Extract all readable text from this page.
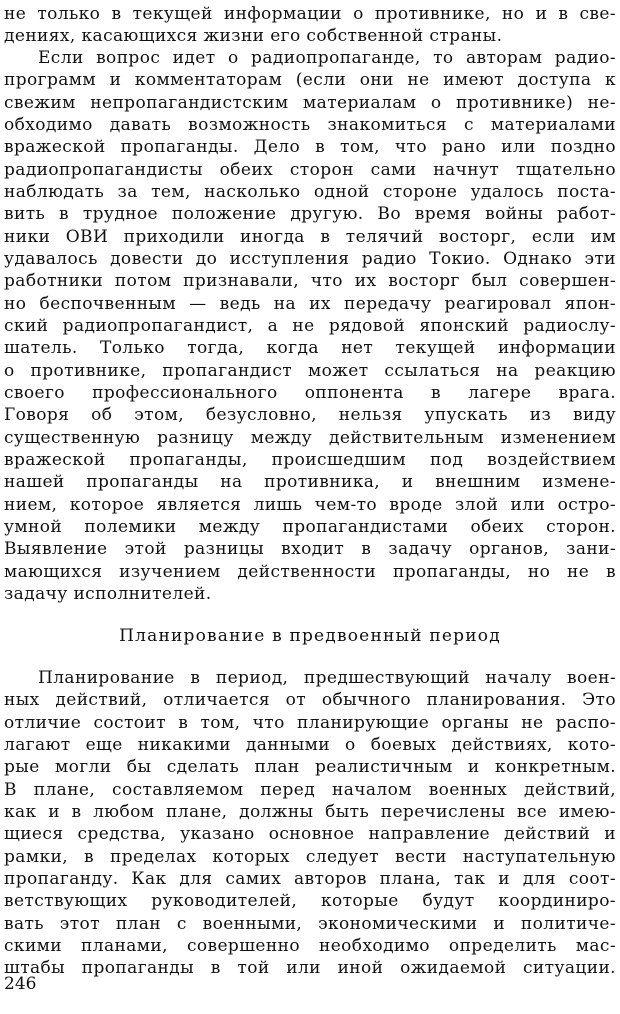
не только в текущей информации о противнике, но и в све-
дениях, касающихся жизни его собственной страны.
Если вопрос идет о радиопропаганде, то авторам радио-
программ и комментаторам (если они не имеют доступа к
свежим непропагандистским материалам о противнике) не-
обходимо давать возможность знакомиться с материалами
вражеской пропаганды. Дело в том, что рано или поздно
радиопропагандисты обеих сторон сами начнут тщательно
наблюдать за тем, насколько одной стороне удалось поста-
вить в трудное положение другую. Во время войны работ-
ники ОВИ приходили иногда в телячий восторг, если им
удавалось довести до исступления радио Токио. Однако эти
работники потом признавали, что их восторг был совершен-
но беспочвенным — ведь на их передачу реагировал япон-
ский радиопропагандист, а не рядовой японский радиослу-
шатель. Только тогда, когда нет текущей информации
о противнике, пропагандист может ссылаться на реакцию
своего профессионального оппонента в лагере врага.
Говоря об этом, безусловно, нельзя упускать из виду
существенную разницу между действительным изменением
вражеской пропаганды, происшедшим под воздействием
нашей пропаганды на противника, и внешним измене-
нием, которое является лишь чем-то вроде злой или остро-
умной полемики между пропагандистами обеих сторон.
Выявление этой разницы входит в задачу органов, зани-
мающихся изучением действенности пропаганды, но не в
задачу исполнителей.
Планирование в предвоенный период
Планирование в период, предшествующий началу воен-
ных действий, отличается от обычного планирования. Это
отличие состоит в том, что планирующие органы не распо-
лагают еще никакими данными о боевых действиях, кото-
рые могли бы сделать план реалистичным и конкретным.
В плане, составляемом перед началом военных действий,
как и в любом плане, должны быть перечислены все имею-
щиеся средства, указано основное направление действий и
рамки, в пределах которых следует вести наступательную
пропаганду. Как для самих авторов плана, так и для соот-
ветствующих руководителей, которые будут координиро-
вать этот план с военными, экономическими и политиче-
скими планами, совершенно необходимо определить мас-
штабы пропаганды в той или иной ожидаемой ситуации.
246
